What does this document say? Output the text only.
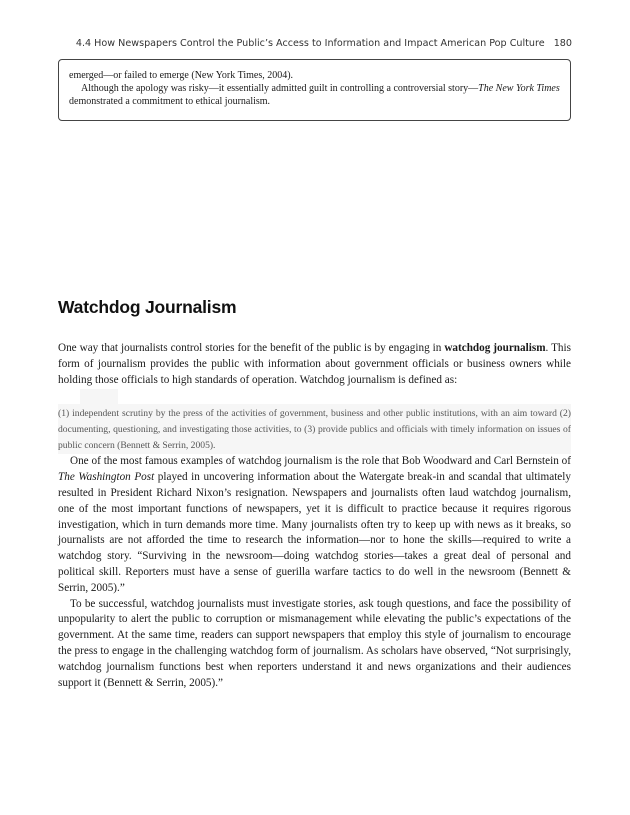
4.4 How Newspapers Control the Public’s Access to Information and Impact American Pop Culture 180

emerged—or failed to emerge (New York Times, 2004).

Although the apology was risky—it essentially admitted guilt in controlling a controversial story—The New York Times demonstrated a commitment to ethical journalism.

Watchdog Journalism

One way that journalists control stories for the benefit of the public is by engaging in watchdog journalism. This form of journalism provides the public with information about government officials or business owners while holding those officials to high standards of operation. Watchdog journalism is defined as:

(1) independent scrutiny by the press of the activities of government, business and other public institutions, with an aim toward (2) documenting, questioning, and investigating those activities, to (3) provide publics and officials with timely information on issues of public concern (Bennett & Serrin, 2005).

One of the most famous examples of watchdog journalism is the role that Bob Woodward and Carl Bernstein of The Washington Post played in uncovering information about the Watergate break-in and scandal that ultimately resulted in President Richard Nixon’s resignation. Newspapers and journalists often laud watchdog journalism, one of the most important functions of newspapers, yet it is difficult to practice because it requires rigorous investigation, which in turn demands more time. Many journalists often try to keep up with news as it breaks, so journalists are not afforded the time to research the information—nor to hone the skills—required to write a watchdog story. “Surviving in the newsroom—doing watchdog stories—takes a great deal of personal and political skill. Reporters must have a sense of guerilla warfare tactics to do well in the newsroom (Bennett & Serrin, 2005).”

To be successful, watchdog journalists must investigate stories, ask tough questions, and face the possibility of unpopularity to alert the public to corruption or mismanagement while elevating the public’s expectations of the government. At the same time, readers can support newspapers that employ this style of journalism to encourage the press to engage in the challenging watchdog form of journalism. As scholars have observed, “Not surprisingly, watchdog journalism functions best when reporters understand it and news organizations and their audiences support it (Bennett & Serrin, 2005).”
